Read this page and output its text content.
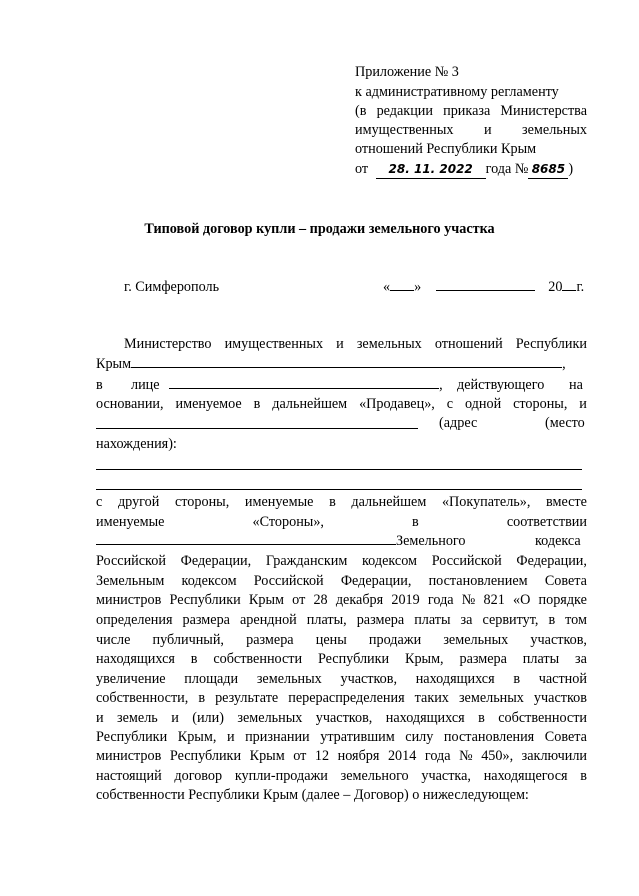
Приложение № 3
к административному регламенту
(в редакции приказа Министерства
имущественных и земельных
отношений Республики Крым
от 28. 11. 2022 года № 8685 )
Типовой договор купли – продажи земельного участка
г. Симферополь	« »	20 г.
Министерство имущественных и земельных отношений Республики
Крым	,
в лице	, действующего на
основании, именуемое в дальнейшем «Продавец», с одной стороны, и
(адрес	(место
нахождения):
с другой стороны, именуемые в дальнейшем «Покупатель», вместе
именуемые	«Стороны»,	в	соответствии
Земельного	кодекса
Российской Федерации, Гражданским кодексом Российской Федерации,
Земельным кодексом Российской Федерации, постановлением Совета
министров Республики Крым от 28 декабря 2019 года № 821 «О порядке
определения размера арендной платы, размера платы за сервитут, в том
числе публичный, размера цены продажи земельных участков,
находящихся в собственности Республики Крым, размера платы за
увеличение площади земельных участков, находящихся в частной
собственности, в результате перераспределения таких земельных участков
и земель и (или) земельных участков, находящихся в собственности
Республики Крым, и признании утратившим силу постановления Совета
министров Республики Крым от 12 ноября 2014 года № 450», заключили
настоящий договор купли-продажи земельного участка, находящегося в
собственности Республики Крым (далее – Договор) о нижеследующем:
